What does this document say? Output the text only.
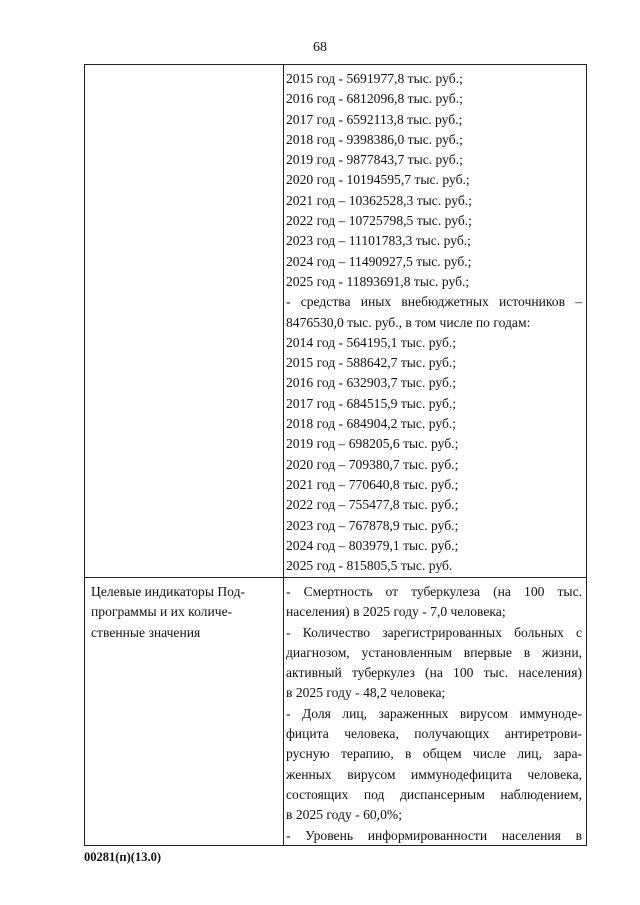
68
2015 год - 5691977,8 тыс. руб.;
2016 год - 6812096,8 тыс. руб.;
2017 год - 6592113,8 тыс. руб.;
2018 год - 9398386,0 тыс. руб.;
2019 год - 9877843,7 тыс. руб.;
2020 год - 10194595,7 тыс. руб.;
2021 год – 10362528,3 тыс. руб.;
2022 год – 10725798,5 тыс. руб.;
2023 год – 11101783,3 тыс. руб.;
2024 год – 11490927,5 тыс. руб.;
2025 год - 11893691,8 тыс. руб.;
- средства иных внебюджетных источников –
8476530,0 тыс. руб., в том числе по годам:
2014 год - 564195,1 тыс. руб.;
2015 год - 588642,7 тыс. руб.;
2016 год - 632903,7 тыс. руб.;
2017 год - 684515,9 тыс. руб.;
2018 год - 684904,2 тыс. руб.;
2019 год – 698205,6 тыс. руб.;
2020 год – 709380,7 тыс. руб.;
2021 год – 770640,8 тыс. руб.;
2022 год – 755477,8 тыс. руб.;
2023 год – 767878,9 тыс. руб.;
2024 год – 803979,1 тыс. руб.;
2025 год - 815805,5 тыс. руб.
Целевые индикаторы Под-
программы и их количе-
ственные значения
- Смертность от туберкулеза (на 100 тыс.
населения) в 2025 году - 7,0 человека;
- Количество зарегистрированных больных с
диагнозом, установленным впервые в жизни,
активный туберкулез (на 100 тыс. населения)
в 2025 году - 48,2 человека;
- Доля лиц, зараженных вирусом иммуноде-
фицита человека, получающих антиретрови-
русную терапию, в общем числе лиц, зара-
женных вирусом иммунодефицита человека,
состоящих под диспансерным наблюдением,
в 2025 году - 60,0%;
- Уровень информированности населения в
00281(п)(13.0)
